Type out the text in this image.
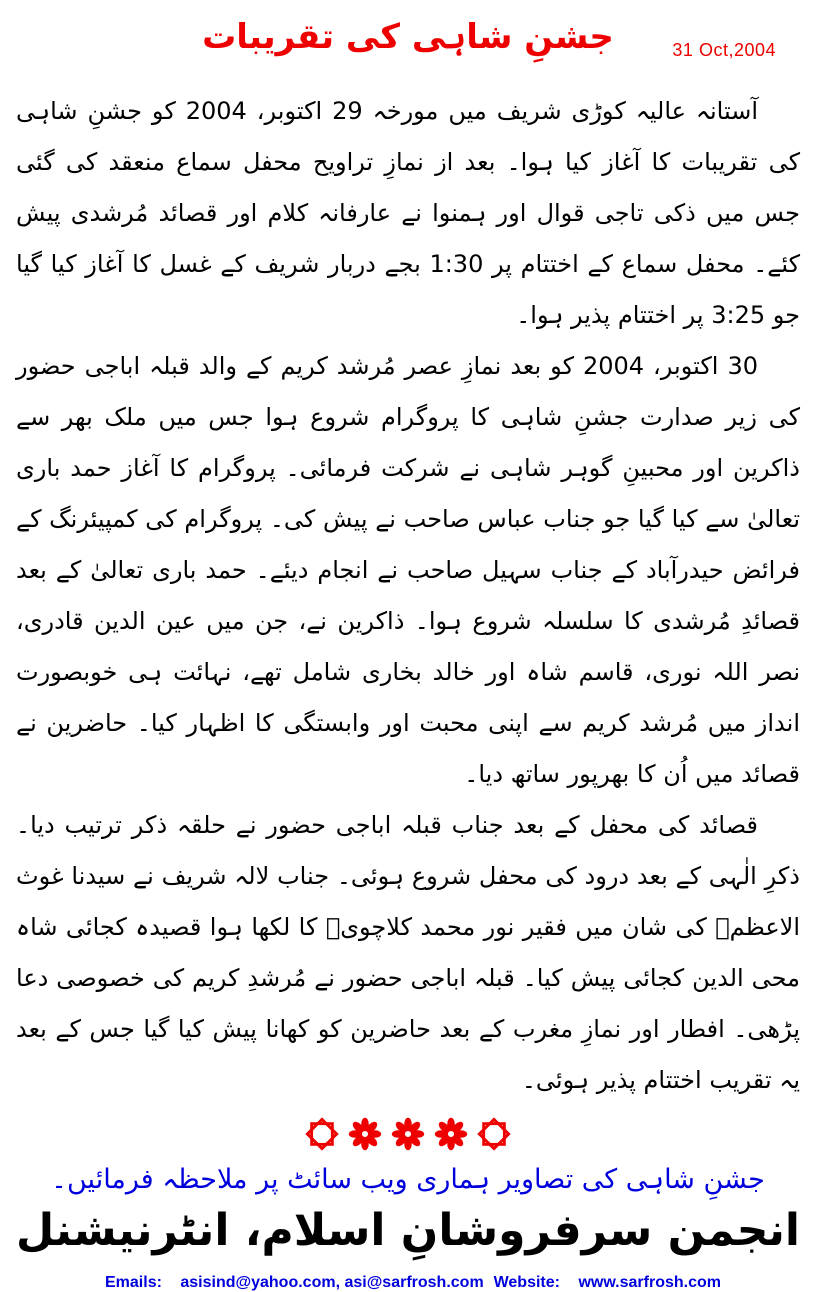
جشنِ شاہی کی تقریبات	31 Oct,2004

آستانہ عالیہ کوڑی شریف میں مورخہ 29 اکتوبر، 2004 کو جشنِ شاہی کی تقریبات کا آغاز کیا ہوا۔ بعد از نمازِ تراویح محفل سماع منعقد کی گئی جس میں ذکی تاجی قوال اور ہمنوا نے عارفانہ کلام اور قصائد مُرشدی پیش کئے۔ محفل سماع کے اختتام پر 1:30 بجے دربار شریف کے غسل کا آغاز کیا گیا جو 3:25 پر اختتام پذیر ہوا۔

30 اکتوبر، 2004 کو بعد نمازِ عصر مُرشد کریم کے والد قبلہ اباجی حضور کی زیر صدارت جشنِ شاہی کا پروگرام شروع ہوا جس میں ملک بھر سے ذاکرین اور محبینِ گوہر شاہی نے شرکت فرمائی۔ پروگرام کا آغاز حمد باری تعالیٰ سے کیا گیا جو جناب عباس صاحب نے پیش کی۔ پروگرام کی کمپیئرنگ کے فرائض حیدرآباد کے جناب سہیل صاحب نے انجام دیئے۔ حمد باری تعالیٰ کے بعد قصائدِ مُرشدی کا سلسلہ شروع ہوا۔ ذاکرین نے، جن میں عین الدین قادری، نصر اللہ نوری، قاسم شاہ اور خالد بخاری شامل تھے، نہائت ہی خوبصورت انداز میں مُرشد کریم سے اپنی محبت اور وابستگی کا اظہار کیا۔ حاضرین نے قصائد میں اُن کا بھرپور ساتھ دیا۔

قصائد کی محفل کے بعد جناب قبلہ اباجی حضور نے حلقہ ذکر ترتیب دیا۔ ذکرِ الٰہی کے بعد درود کی محفل شروع ہوئی۔ جناب لالہ شریف نے سیدنا غوث الاعظمؓ کی شان میں فقیر نور محمد کلاچویؒ کا لکھا ہوا قصیدہ کجائی شاہ محی الدین کجائی پیش کیا۔ قبلہ اباجی حضور نے مُرشدِ کریم کی خصوصی دعا پڑھی۔ افطار اور نمازِ مغرب کے بعد حاضرین کو کھانا پیش کیا گیا جس کے بعد یہ تقریب اختتام پذیر ہوئی۔

جشنِ شاہی کی تصاویر ہماری ویب سائٹ پر ملاحظہ فرمائیں۔
انجمن سرفروشانِ اسلام، انٹرنیشنل
Emails: asisind@yahoo.com, asi@sarfrosh.com Website: www.sarfrosh.com
